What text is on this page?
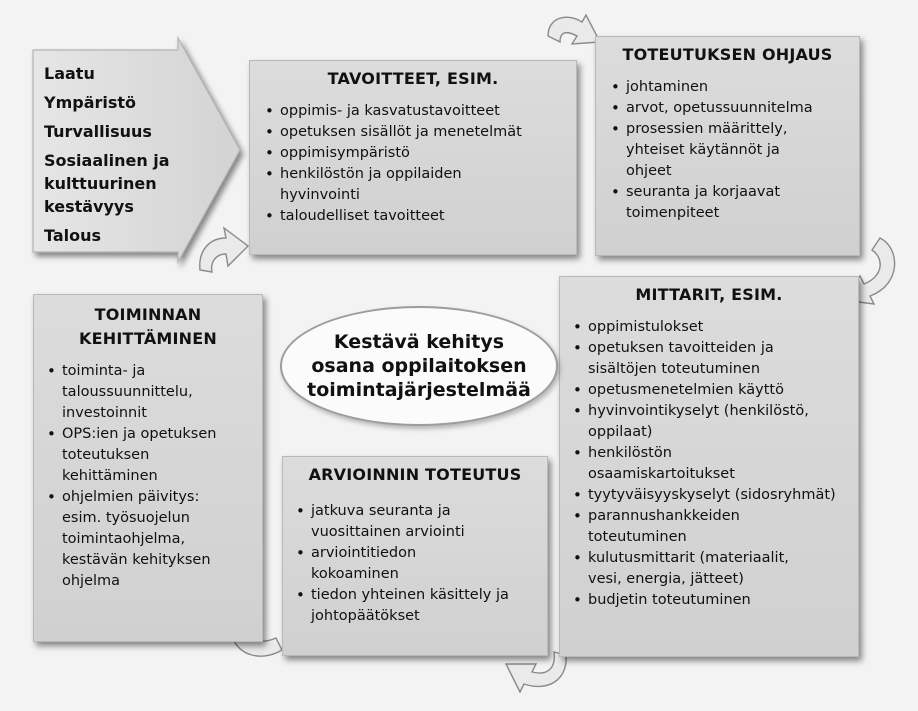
Laatu
Ympäristö
Turvallisuus
Sosiaalinen ja
kulttuurinen
kestävyys
Talous
TAVOITTEET, ESIM.
• oppimis- ja kasvatustavoitteet
• opetuksen sisällöt ja menetelmät
• oppimisympäristö
• henkilöstön ja oppilaiden
hyvinvointi
• taloudelliset tavoitteet
TOTEUTUKSEN OHJAUS
• johtaminen
• arvot, opetussuunnitelma
• prosessien määrittely,
yhteiset käytännöt ja
ohjeet
• seuranta ja korjaavat
toimenpiteet
MITTARIT, ESIM.
• oppimistulokset
• opetuksen tavoitteiden ja
sisältöjen toteutuminen
• opetusmenetelmien käyttö
• hyvinvointikyselyt (henkilöstö,
oppilaat)
• henkilöstön
osaamiskartoitukset
• tyytyväisyyskyselyt (sidosryhmät)
• parannushankkeiden
toteutuminen
• kulutusmittarit (materiaalit,
vesi, energia, jätteet)
• budjetin toteutuminen
ARVIOINNIN TOTEUTUS
• jatkuva seuranta ja
vuosittainen arviointi
• arviointitiedon
kokoaminen
• tiedon yhteinen käsittely ja
johtopäätökset
TOIMINNAN
KEHITTÄMINEN
• toiminta- ja
taloussuunnittelu,
investoinnit
• OPS:ien ja opetuksen
toteutuksen
kehittäminen
• ohjelmien päivitys:
esim. työsuojelun
toimintaohjelma,
kestävän kehityksen
ohjelma
Kestävä kehitys
osana oppilaitoksen
toimintajärjestelmää
